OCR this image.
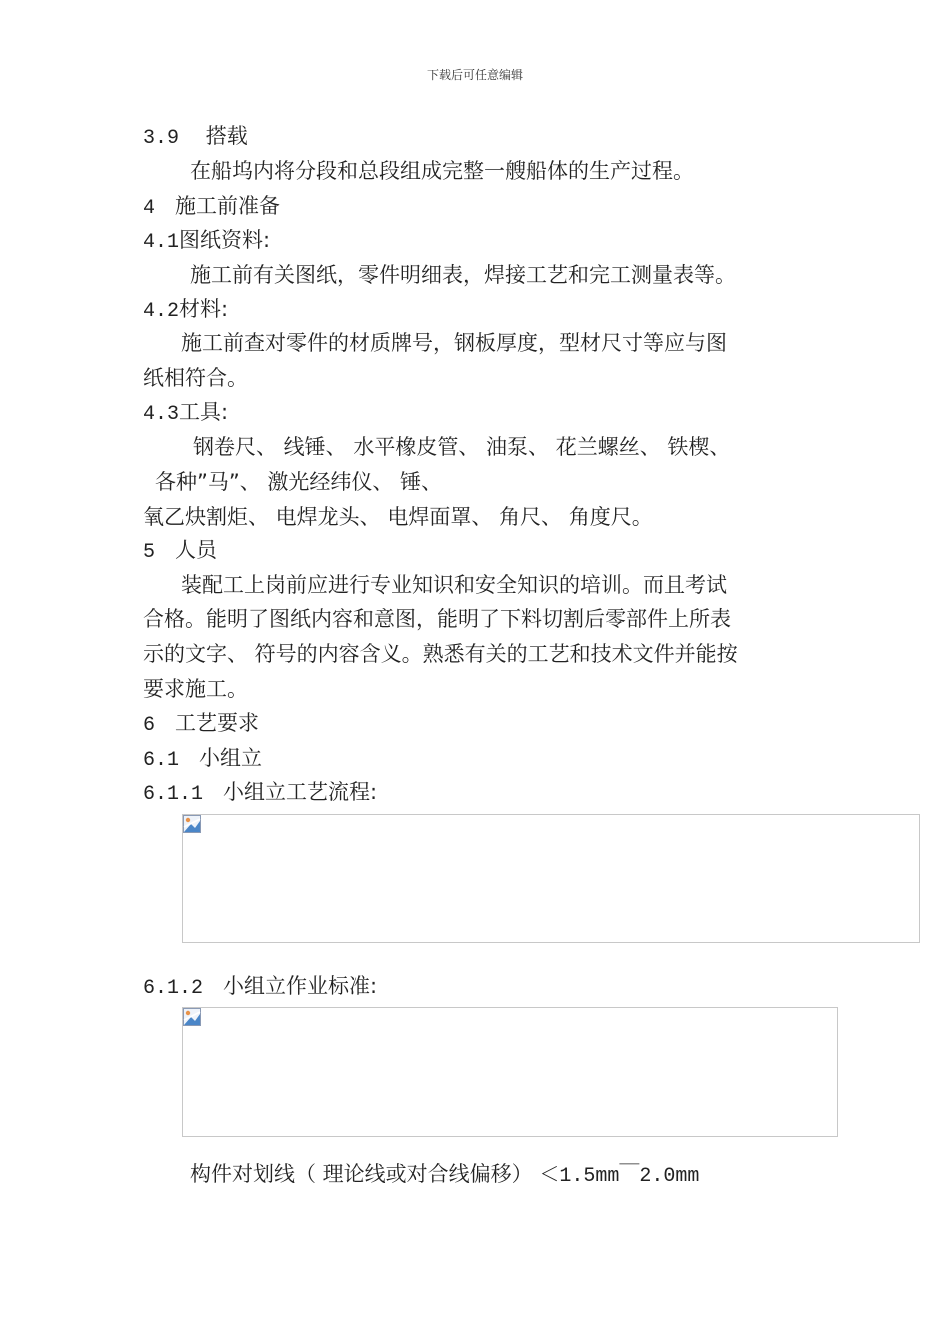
下载后可任意编辑
3.9 搭载
在船坞内将分段和总段组成完整一艘船体的生产过程。
4 施工前准备
4.1图纸资料:
施工前有关图纸，零件明细表，焊接工艺和完工测量表等。
4.2材料:
施工前查对零件的材质牌号，钢板厚度，型材尺寸等应与图
纸相符合。
4.3工具:
钢卷尺、 线锤、 水平橡皮管、 油泵、 花兰螺丝、 铁楔、
各种”马”、 激光经纬仪、 锤、
氧乙炔割炬、 电焊龙头、 电焊面罩、 角尺、 角度尺。
5 人员
装配工上岗前应进行专业知识和安全知识的培训。而且考试
合格。能明了图纸内容和意图，能明了下料切割后零部件上所表
示的文字、 符号的内容含义。熟悉有关的工艺和技术文件并能按
要求施工。
6 工艺要求
6.1 小组立
6.1.1 小组立工艺流程:
6.1.2 小组立作业标准:
构件对划线（ 理论线或对合线偏移） ＜1.5mm￣2.0mm
